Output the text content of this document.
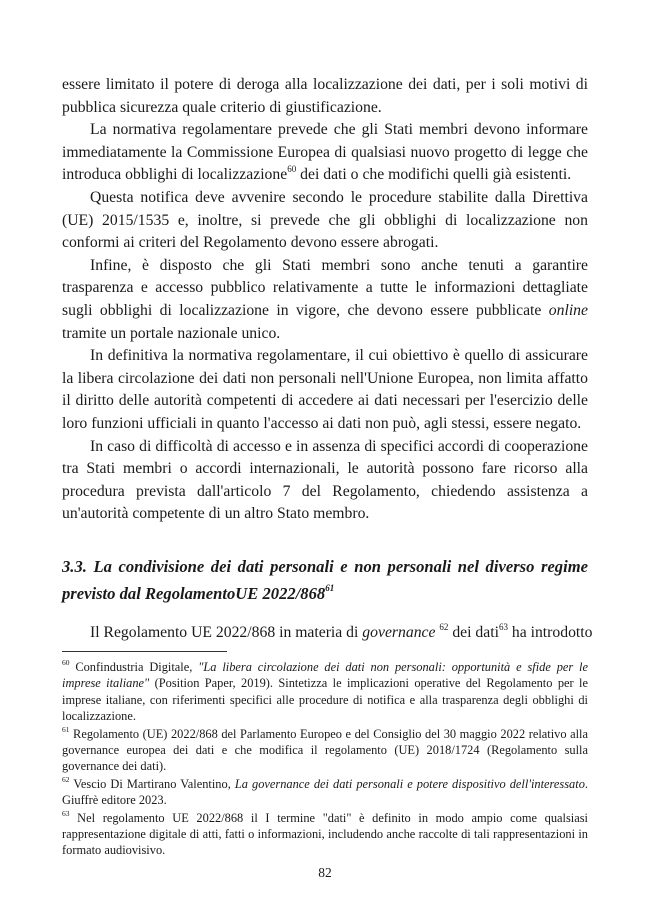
essere limitato il potere di deroga alla localizzazione dei dati, per i soli motivi di pubblica sicurezza quale criterio di giustificazione.

La normativa regolamentare prevede che gli Stati membri devono informare immediatamente la Commissione Europea di qualsiasi nuovo progetto di legge che introduca obblighi di localizzazione$^{60}$ dei dati o che modifichi quelli già esistenti.

Questa notifica deve avvenire secondo le procedure stabilite dalla Direttiva (UE) 2015/1535 e, inoltre, si prevede che gli obblighi di localizzazione non conformi ai criteri del Regolamento devono essere abrogati.

Infine, è disposto che gli Stati membri sono anche tenuti a garantire trasparenza e accesso pubblico relativamente a tutte le informazioni dettagliate sugli obblighi di localizzazione in vigore, che devono essere pubblicate online tramite un portale nazionale unico.

In definitiva la normativa regolamentare, il cui obiettivo è quello di assicurare la libera circolazione dei dati non personali nell'Unione Europea, non limita affatto il diritto delle autorità competenti di accedere ai dati necessari per l'esercizio delle loro funzioni ufficiali in quanto l'accesso ai dati non può, agli stessi, essere negato.

In caso di difficoltà di accesso e in assenza di specifici accordi di cooperazione tra Stati membri o accordi internazionali, le autorità possono fare ricorso alla procedura prevista dall'articolo 7 del Regolamento, chiedendo assistenza a un'autorità competente di un altro Stato membro.

3.3. La condivisione dei dati personali e non personali nel diverso regime previsto dal RegolamentoUE $2022/868^{61}$

Il Regolamento UE 2022/868 in materia di governance $^{62}$ dei dati$^{63}$ ha introdotto

$^{60}$ Confindustria Digitale, "La libera circolazione dei dati non personali: opportunità e sfide per le imprese italiane" (Position Paper, 2019). Sintetizza le implicazioni operative del Regolamento per le imprese italiane, con riferimenti specifici alle procedure di notifica e alla trasparenza degli obblighi di localizzazione.

$^{61}$ Regolamento (UE) 2022/868 del Parlamento Europeo e del Consiglio del 30 maggio 2022 relativo alla governance europea dei dati e che modifica il regolamento (UE) 2018/1724 (Regolamento sulla governance dei dati).

$^{62}$ Vescio Di Martirano Valentino, La governance dei dati personali e potere dispositivo dell'interessato. Giuffrè editore 2023.

$^{63}$ Nel regolamento UE 2022/868 il I termine "dati" è definito in modo ampio come qualsiasi rappresentazione digitale di atti, fatti o informazioni, includendo anche raccolte di tali rappresentazioni in formato audiovisivo.

82
